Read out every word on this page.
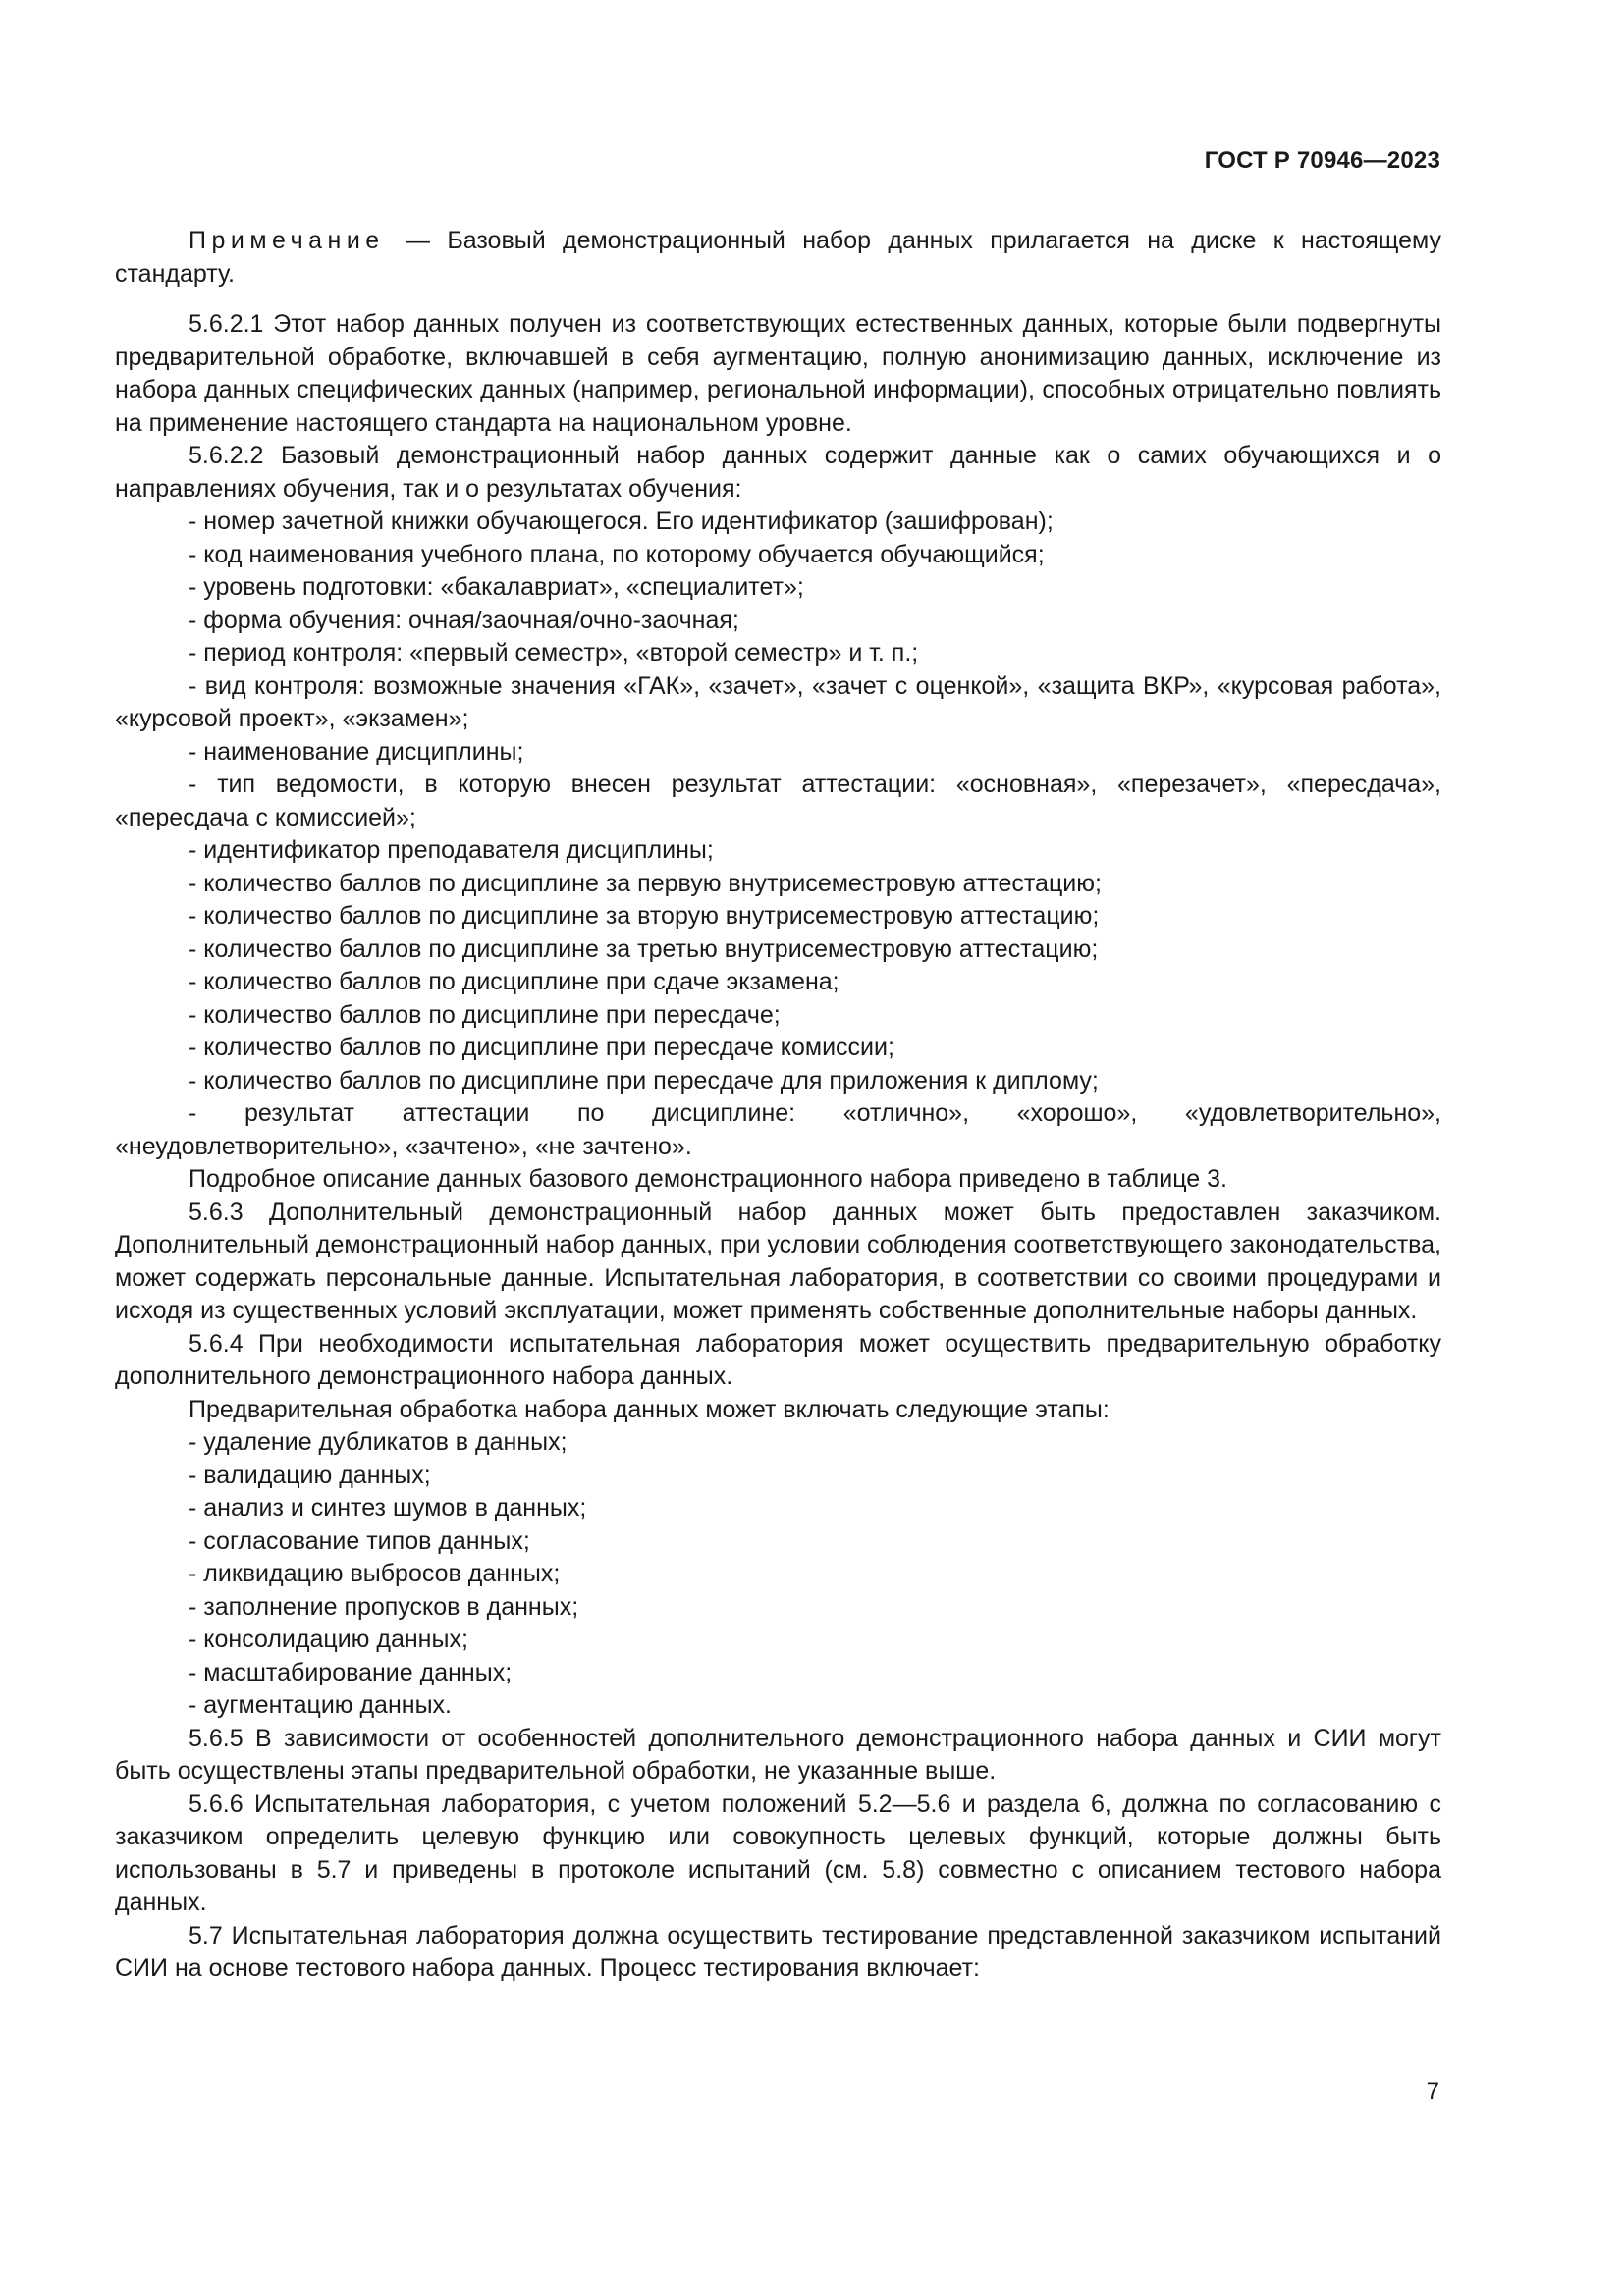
ГОСТ Р 70946—2023

Примечание — Базовый демонстрационный набор данных прилагается на диске к настоящему стандарту.

5.6.2.1 Этот набор данных получен из соответствующих естественных данных, которые были подвергнуты предварительной обработке, включавшей в себя аугментацию, полную анонимизацию данных, исключение из набора данных специфических данных (например, региональной информации), способных отрицательно повлиять на применение настоящего стандарта на национальном уровне.

5.6.2.2 Базовый демонстрационный набор данных содержит данные как о самих обучающихся и о направлениях обучения, так и о результатах обучения:

- номер зачетной книжки обучающегося. Его идентификатор (зашифрован);

- код наименования учебного плана, по которому обучается обучающийся;

- уровень подготовки: «бакалавриат», «специалитет»;

- форма обучения: очная/заочная/очно-заочная;

- период контроля: «первый семестр», «второй семестр» и т. п.;

- вид контроля: возможные значения «ГАК», «зачет», «зачет с оценкой», «защита ВКР», «курсовая работа», «курсовой проект», «экзамен»;

- наименование дисциплины;

- тип ведомости, в которую внесен результат аттестации: «основная», «перезачет», «пересдача», «пересдача с комиссией»;

- идентификатор преподавателя дисциплины;

- количество баллов по дисциплине за первую внутрисеместровую аттестацию;

- количество баллов по дисциплине за вторую внутрисеместровую аттестацию;

- количество баллов по дисциплине за третью внутрисеместровую аттестацию;

- количество баллов по дисциплине при сдаче экзамена;

- количество баллов по дисциплине при пересдаче;

- количество баллов по дисциплине при пересдаче комиссии;

- количество баллов по дисциплине при пересдаче для приложения к диплому;

- результат аттестации по дисциплине: «отлично», «хорошо», «удовлетворительно», «неудовлетворительно», «зачтено», «не зачтено».

Подробное описание данных базового демонстрационного набора приведено в таблице 3.

5.6.3 Дополнительный демонстрационный набор данных может быть предоставлен заказчиком. Дополнительный демонстрационный набор данных, при условии соблюдения соответствующего законодательства, может содержать персональные данные. Испытательная лаборатория, в соответствии со своими процедурами и исходя из существенных условий эксплуатации, может применять собственные дополнительные наборы данных.

5.6.4 При необходимости испытательная лаборатория может осуществить предварительную обработку дополнительного демонстрационного набора данных.

Предварительная обработка набора данных может включать следующие этапы:

- удаление дубликатов в данных;

- валидацию данных;

- анализ и синтез шумов в данных;

- согласование типов данных;

- ликвидацию выбросов данных;

- заполнение пропусков в данных;

- консолидацию данных;

- масштабирование данных;

- аугментацию данных.

5.6.5 В зависимости от особенностей дополнительного демонстрационного набора данных и СИИ могут быть осуществлены этапы предварительной обработки, не указанные выше.

5.6.6 Испытательная лаборатория, с учетом положений 5.2—5.6 и раздела 6, должна по согласованию с заказчиком определить целевую функцию или совокупность целевых функций, которые должны быть использованы в 5.7 и приведены в протоколе испытаний (см. 5.8) совместно с описанием тестового набора данных.

5.7 Испытательная лаборатория должна осуществить тестирование представленной заказчиком испытаний СИИ на основе тестового набора данных. Процесс тестирования включает:

7
